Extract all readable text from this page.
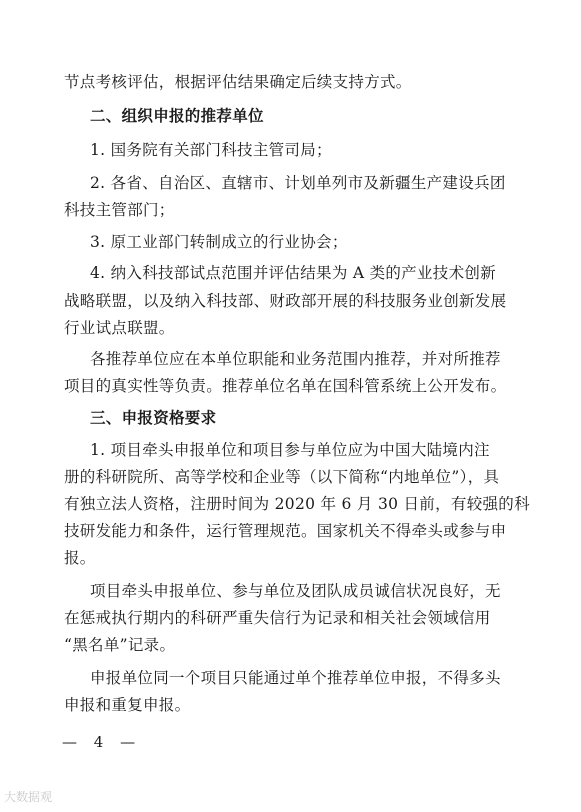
节点考核评估，根据评估结果确定后续支持方式。
二、组织申报的推荐单位
1. 国务院有关部门科技主管司局；
2. 各省、自治区、直辖市、计划单列市及新疆生产建设兵团
科技主管部门；
3. 原工业部门转制成立的行业协会；
4. 纳入科技部试点范围并评估结果为 A 类的产业技术创新
战略联盟，以及纳入科技部、财政部开展的科技服务业创新发展
行业试点联盟。
各推荐单位应在本单位职能和业务范围内推荐，并对所推荐
项目的真实性等负责。推荐单位名单在国科管系统上公开发布。
三、申报资格要求
1. 项目牵头申报单位和项目参与单位应为中国大陆境内注
册的科研院所、高等学校和企业等（以下简称“内地单位”），具
有独立法人资格，注册时间为 2020 年 6 月 30 日前，有较强的科
技研发能力和条件，运行管理规范。国家机关不得牵头或参与申
报。
项目牵头申报单位、参与单位及团队成员诚信状况良好，无
在惩戒执行期内的科研严重失信行为记录和相关社会领域信用
“黑名单”记录。
申报单位同一个项目只能通过单个推荐单位申报，不得多头
申报和重复申报。
— 4 —
大数据观
